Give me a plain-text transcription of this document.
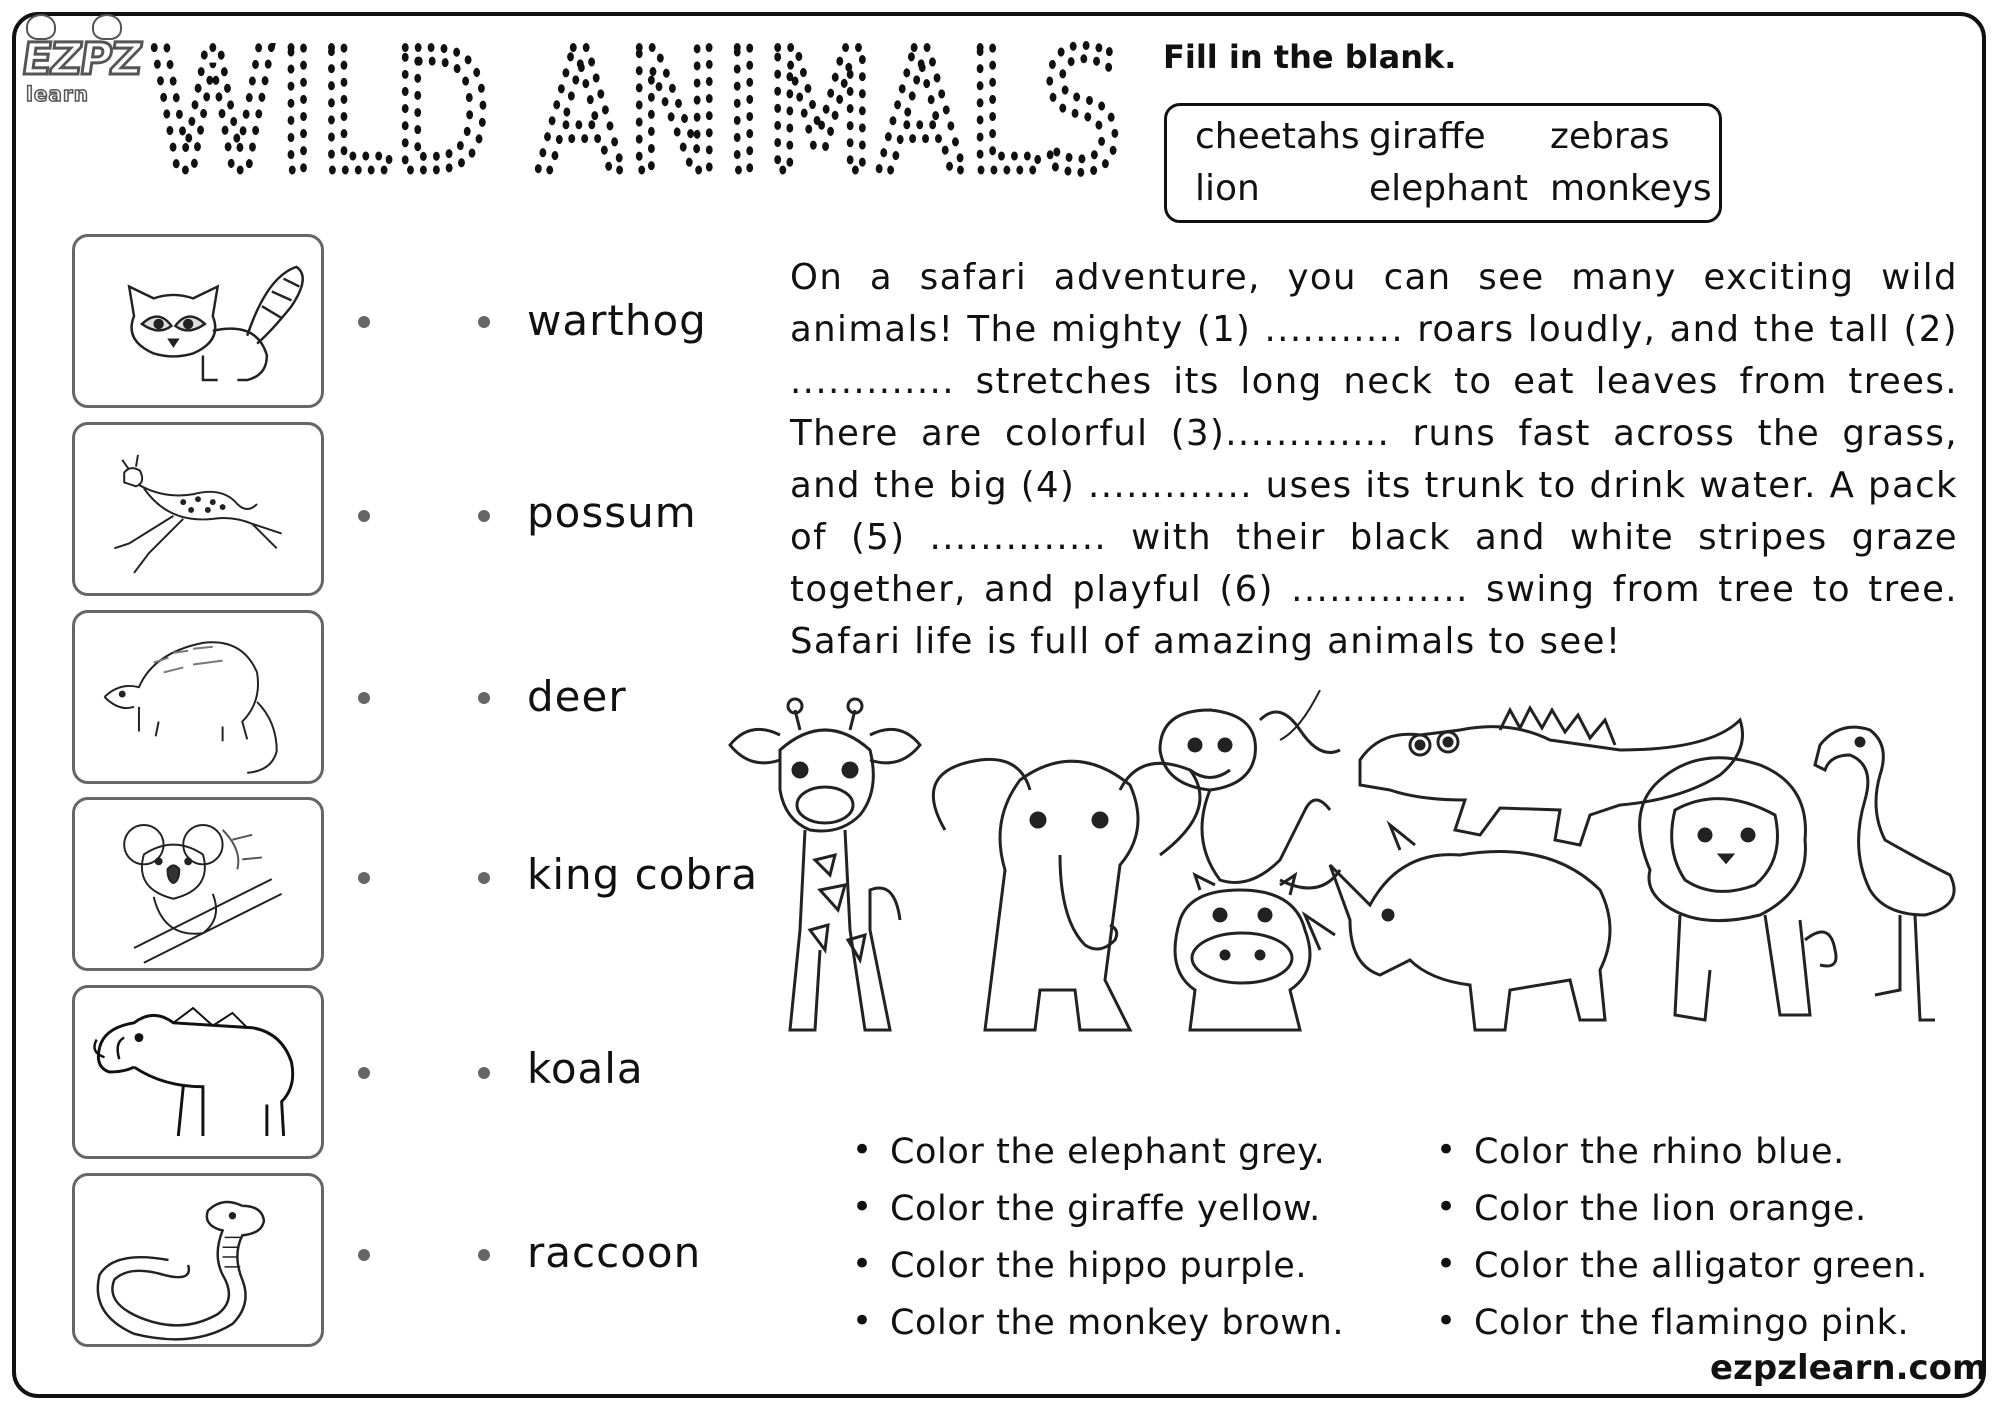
EZPZ
learn WILD ANIMALS Fill in the blank.
cheetahs giraffe zebras
lion	elephant monkeys
warthog
possum
deer
king cobra
koala
raccoon
On a safari adventure, you can see many exciting wild animals! The mighty (1) ........... roars loudly, and the tall (2) ............. stretches its long neck to eat leaves from trees. There are colorful (3)............. runs fast across the grass, and the big (4) ............. uses its trunk to drink water. A pack of (5) .............. with their black and white stripes graze together, and playful (6) .............. swing from tree to tree. Safari life is full of amazing animals to see!
• Color the elephant grey.
• Color the giraffe yellow.
• Color the hippo purple.
• Color the monkey brown.
• Color the rhino blue.
• Color the lion orange.
• Color the alligator green.
• Color the flamingo pink.
ezpzlearn.com
